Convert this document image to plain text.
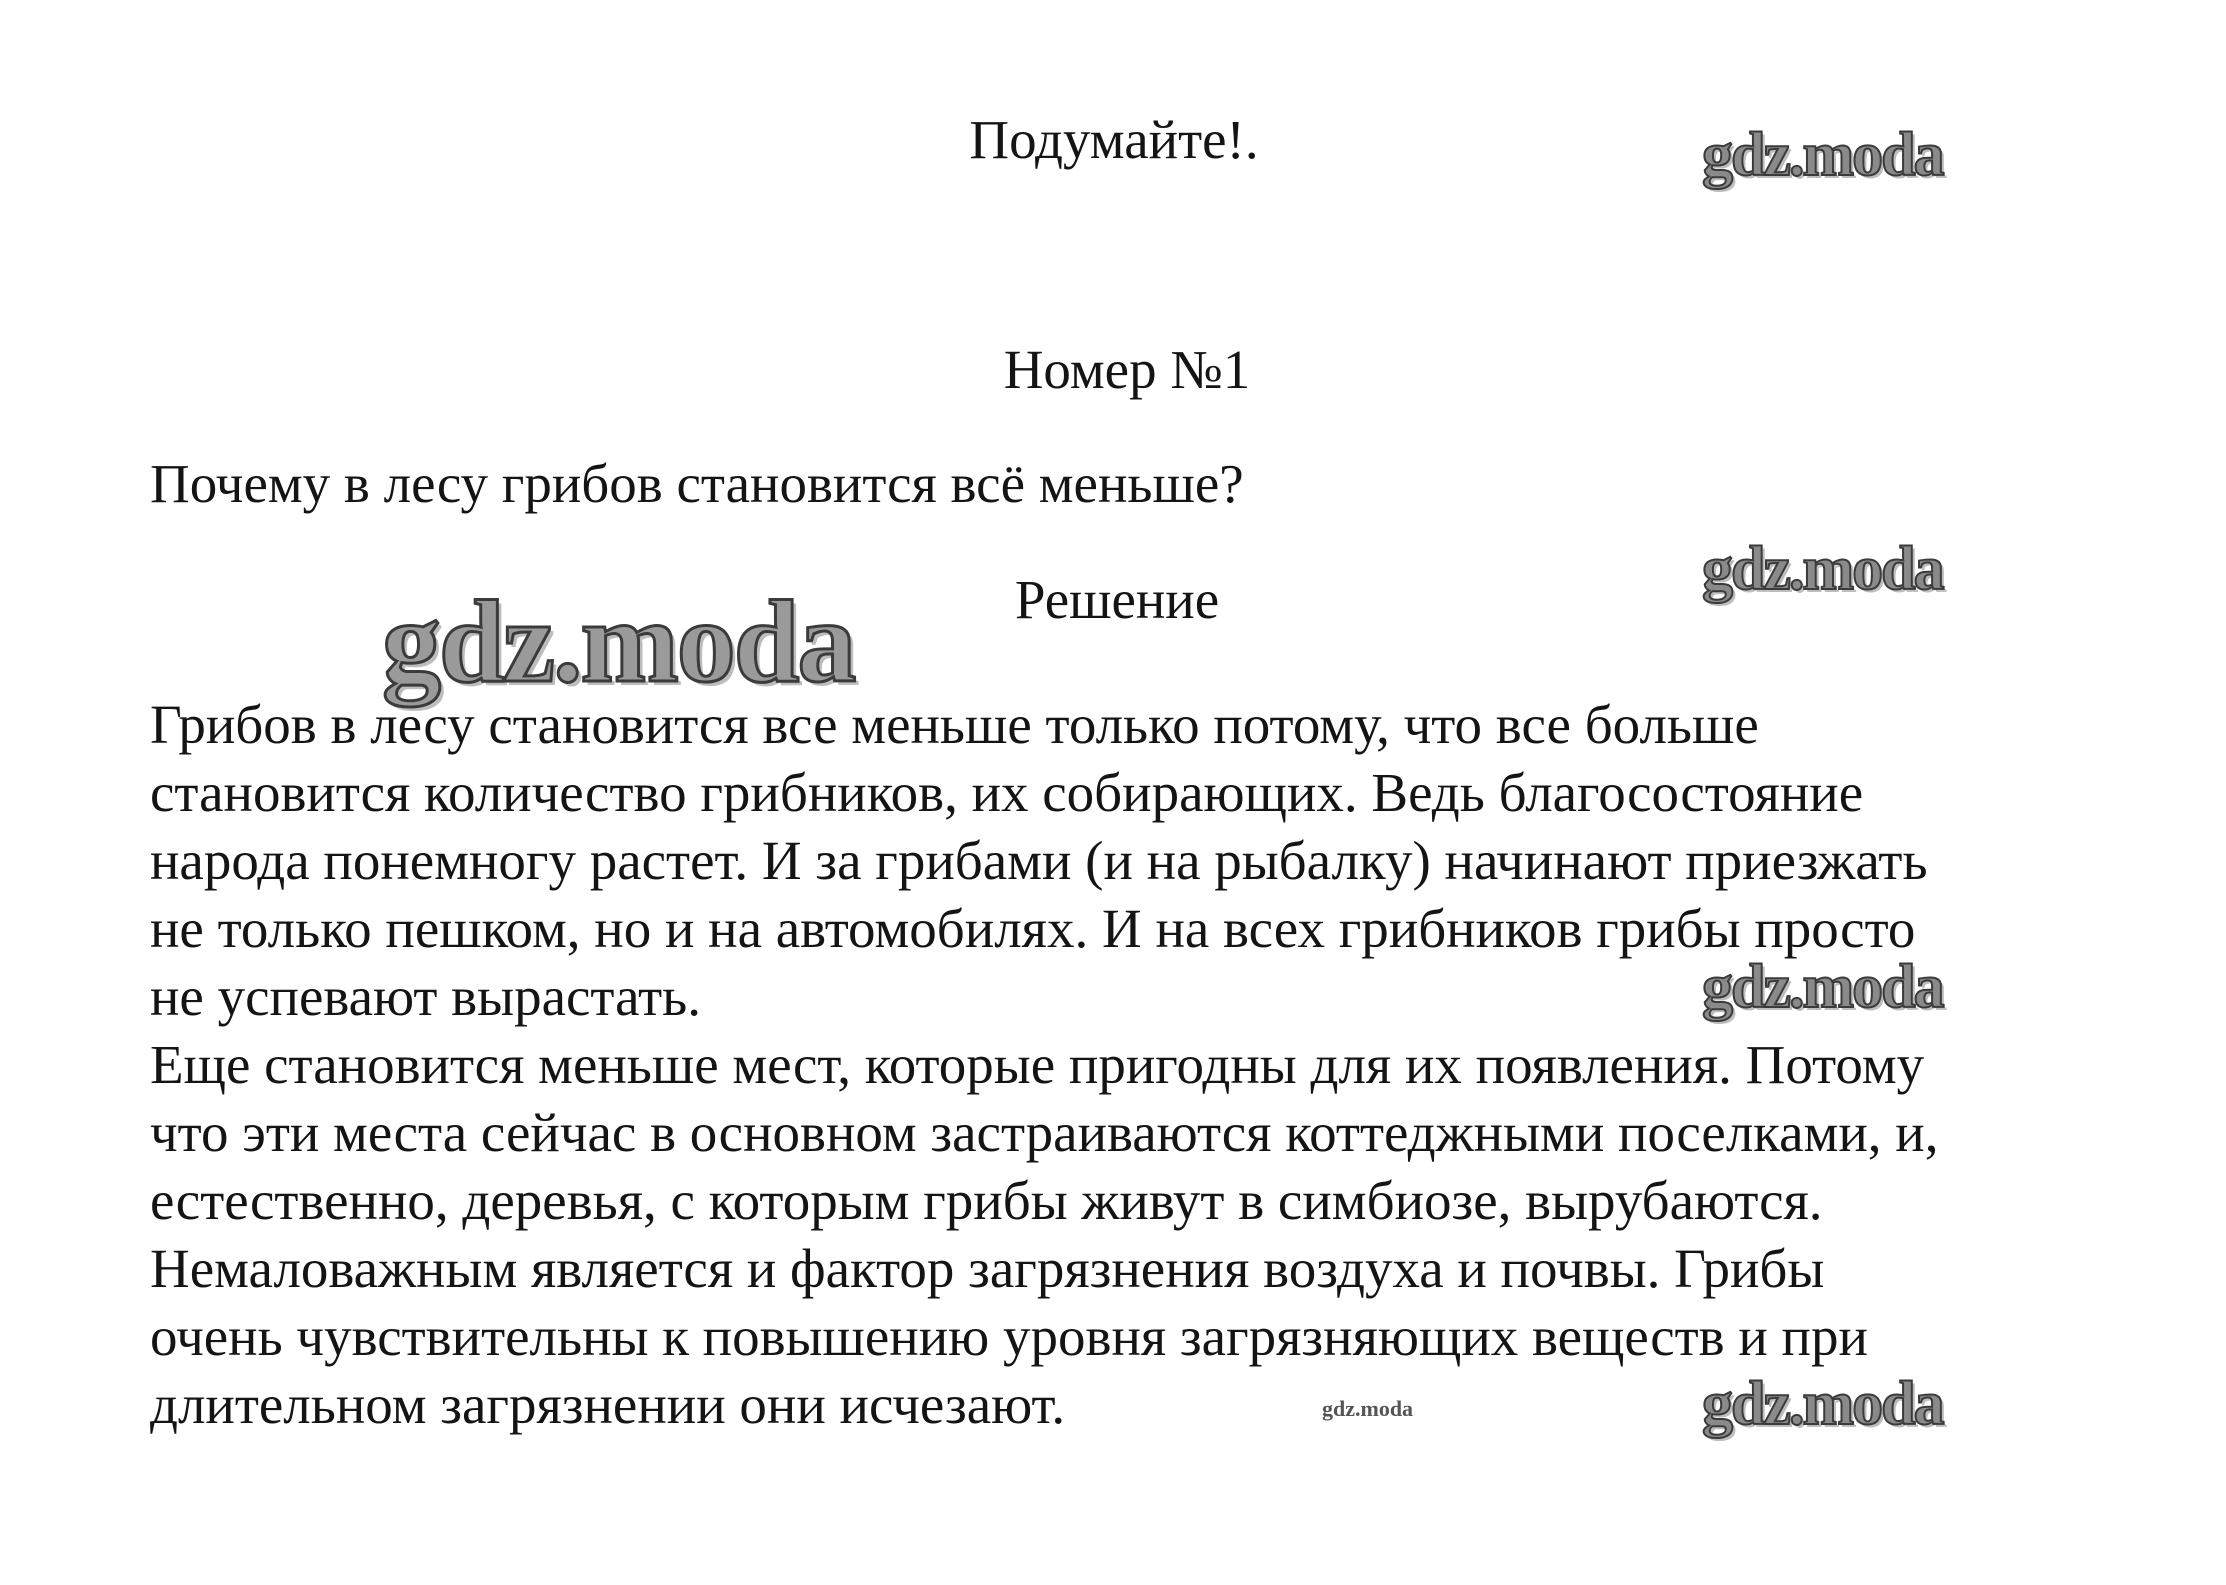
Подумайте!.
Номер №1
Почему в лесу грибов становится всё меньше?
Решение
Грибов в лесу становится все меньше только потому, что все больше
становится количество грибников, их собирающих. Ведь благосостояние
народа понемногу растет. И за грибами (и на рыбалку) начинают приезжать
не только пешком, но и на автомобилях. И на всех грибников грибы просто
не успевают вырастать.
Еще становится меньше мест, которые пригодны для их появления. Потому
что эти места сейчас в основном застраиваются коттеджными поселками, и,
естественно, деревья, с которым грибы живут в симбиозе, вырубаются.
Немаловажным является и фактор загрязнения воздуха и почвы. Грибы
очень чувствительны к повышению уровня загрязняющих веществ и при
длительном загрязнении они исчезают.
gdz.moda
gdz.moda
gdz.moda
gdz.moda
gdz.moda
gdz.moda
